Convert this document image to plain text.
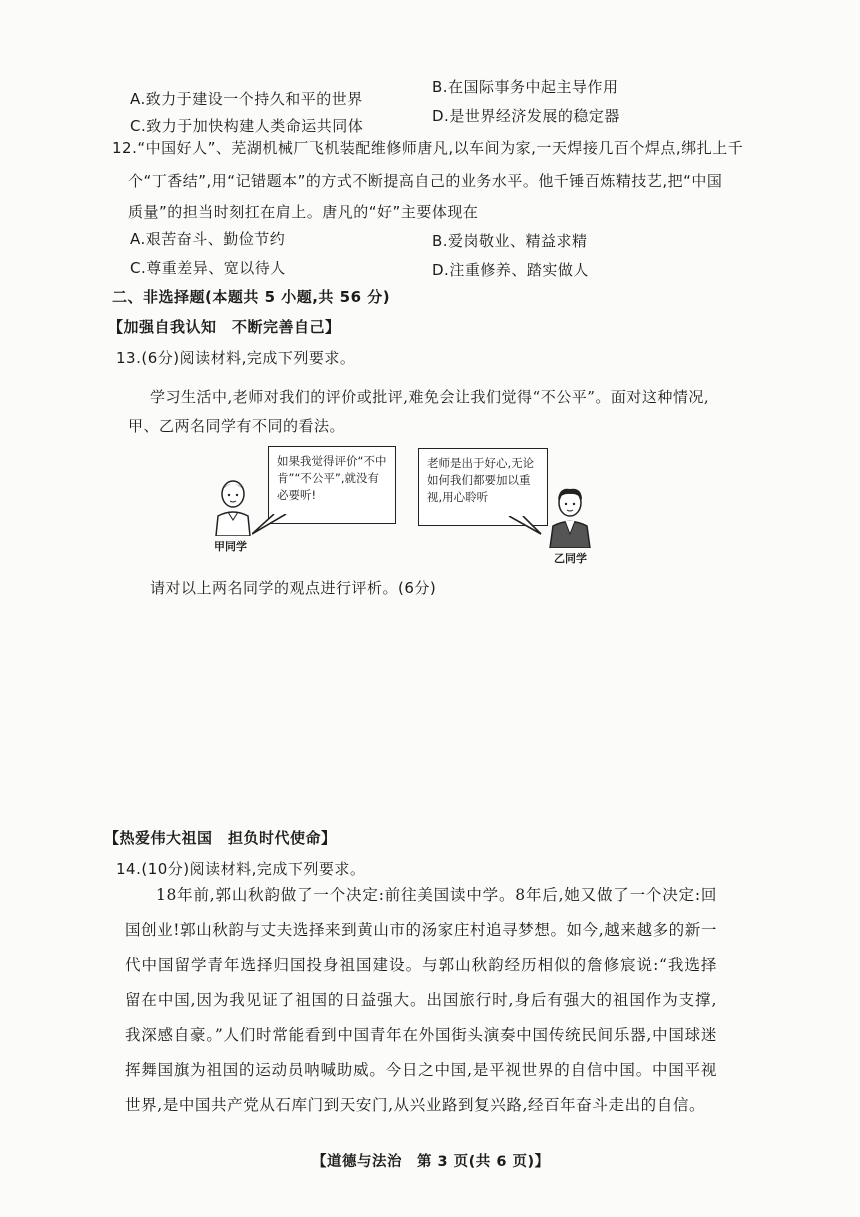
A.致力于建设一个持久和平的世界
B.在国际事务中起主导作用
C.致力于加快构建人类命运共同体
D.是世界经济发展的稳定器
12.“中国好人”、芜湖机械厂飞机装配维修师唐凡,以车间为家,一天焊接几百个焊点,绑扎上千
个“丁香结”,用“记错题本”的方式不断提高自己的业务水平。他千锤百炼精技艺,把“中国
质量”的担当时刻扛在肩上。唐凡的“好”主要体现在
A.艰苦奋斗、勤俭节约	B.爱岗敬业、精益求精
C.尊重差异、宽以待人	D.注重修养、踏实做人
二、非选择题(本题共 5 小题,共 56 分)
【加强自我认知　不断完善自己】
13.(6分)阅读材料,完成下列要求。
学习生活中,老师对我们的评价或批评,难免会让我们觉得“不公平”。面对这种情况,
甲、乙两名同学有不同的看法。
如果我觉得评价“不中肯”“不公平”,就没有必要听!
老师是出于好心,无论如何我们都要加以重视,用心聆听
甲同学
乙同学
请对以上两名同学的观点进行评析。(6分)
【热爱伟大祖国　担负时代使命】
14.(10分)阅读材料,完成下列要求。
18年前,郭山秋韵做了一个决定:前往美国读中学。8年后,她又做了一个决定:回国创业!郭山秋韵与丈夫选择来到黄山市的汤家庄村追寻梦想。如今,越来越多的新一代中国留学青年选择归国投身祖国建设。与郭山秋韵经历相似的詹修宸说:“我选择留在中国,因为我见证了祖国的日益强大。出国旅行时,身后有强大的祖国作为支撑,我深感自豪。”人们时常能看到中国青年在外国街头演奏中国传统民间乐器,中国球迷挥舞国旗为祖国的运动员呐喊助威。今日之中国,是平视世界的自信中国。中国平视世界,是中国共产党从石库门到天安门,从兴业路到复兴路,经百年奋斗走出的自信。
【道德与法治　第 3 页(共 6 页)】
